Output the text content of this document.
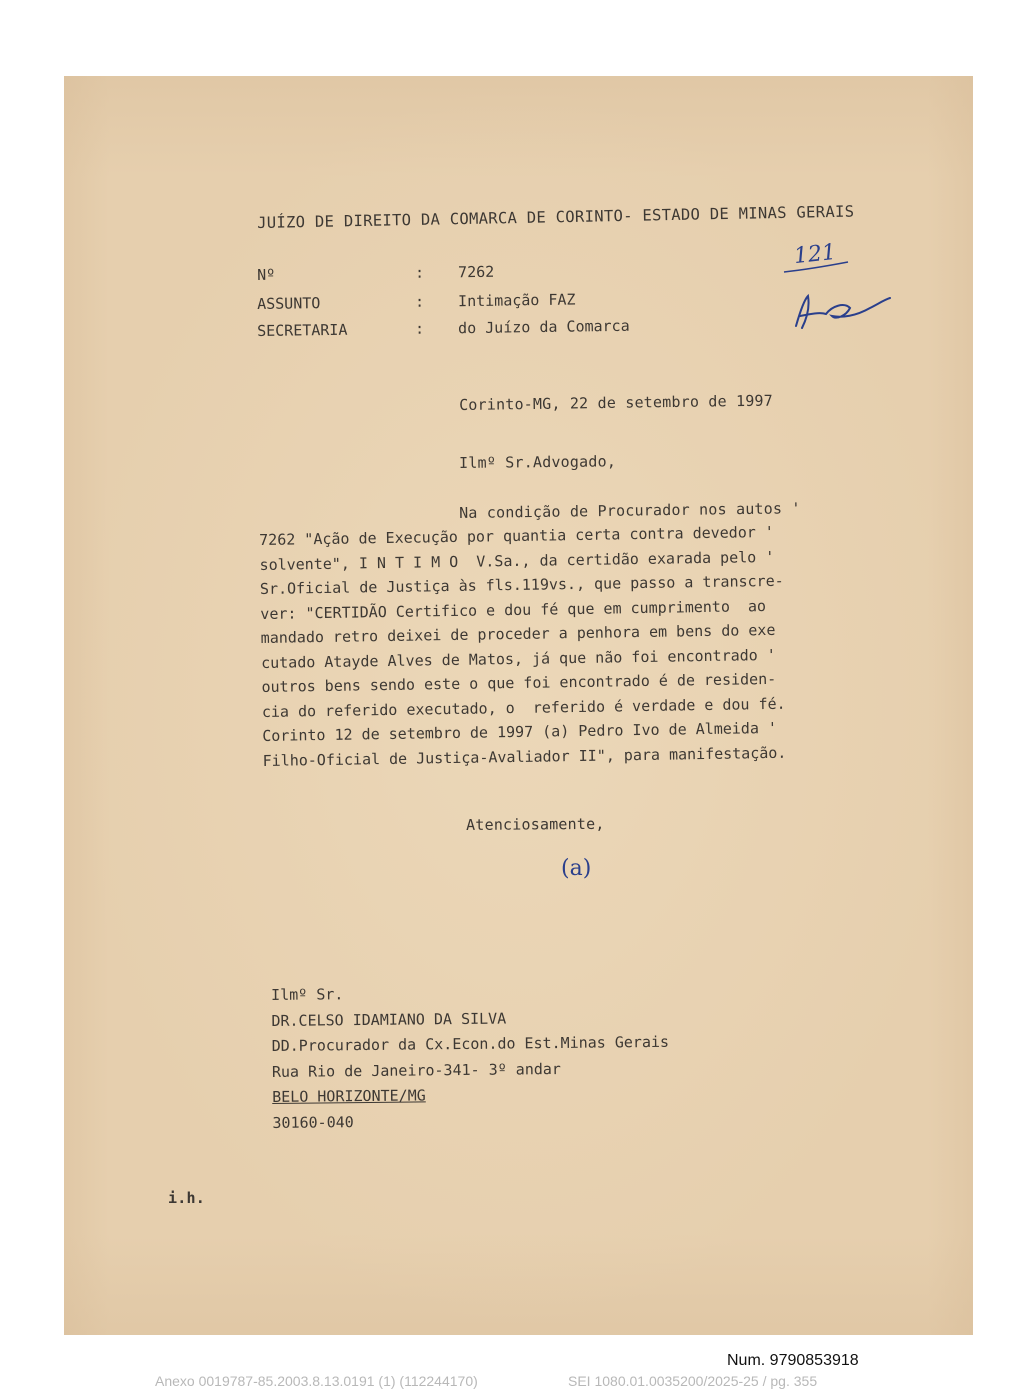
JUÍZO DE DIREITO DA COMARCA DE CORINTO- ESTADO DE MINAS GERAIS
121
Nº	: 7262
ASSUNTO	: Intimação FAZ
SECRETARIA	: do Juízo da Comarca
Corinto-MG, 22 de setembro de 1997
Ilmº Sr.Advogado,
Na condição de Procurador nos autos '
7262 "Ação de Execução por quantia certa contra devedor '
solvente", I N T I M O  V.Sa., da certidão exarada pelo '
Sr.Oficial de Justiça às fls.119vs., que passo a transcre-
ver: "CERTIDÃO Certifico e dou fé que em cumprimento  ao
mandado retro deixei de proceder a penhora em bens do exe
cutado Atayde Alves de Matos, já que não foi encontrado '
outros bens sendo este o que foi encontrado é de residen-
cia do referido executado, o  referido é verdade e dou fé.
Corinto 12 de setembro de 1997 (a) Pedro Ivo de Almeida '
Filho-Oficial de Justiça-Avaliador II", para manifestação.
Atenciosamente,
(a)
Ilmº Sr.
DR.CELSO IDAMIANO DA SILVA
DD.Procurador da Cx.Econ.do Est.Minas Gerais
Rua Rio de Janeiro-341- 3º andar
BELO HORIZONTE/MG
30160-040
i.h.
Num. 9790853918
Anexo 0019787-85.2003.8.13.0191 (1) (112244170)	SEI 1080.01.0035200/2025-25 / pg. 355
